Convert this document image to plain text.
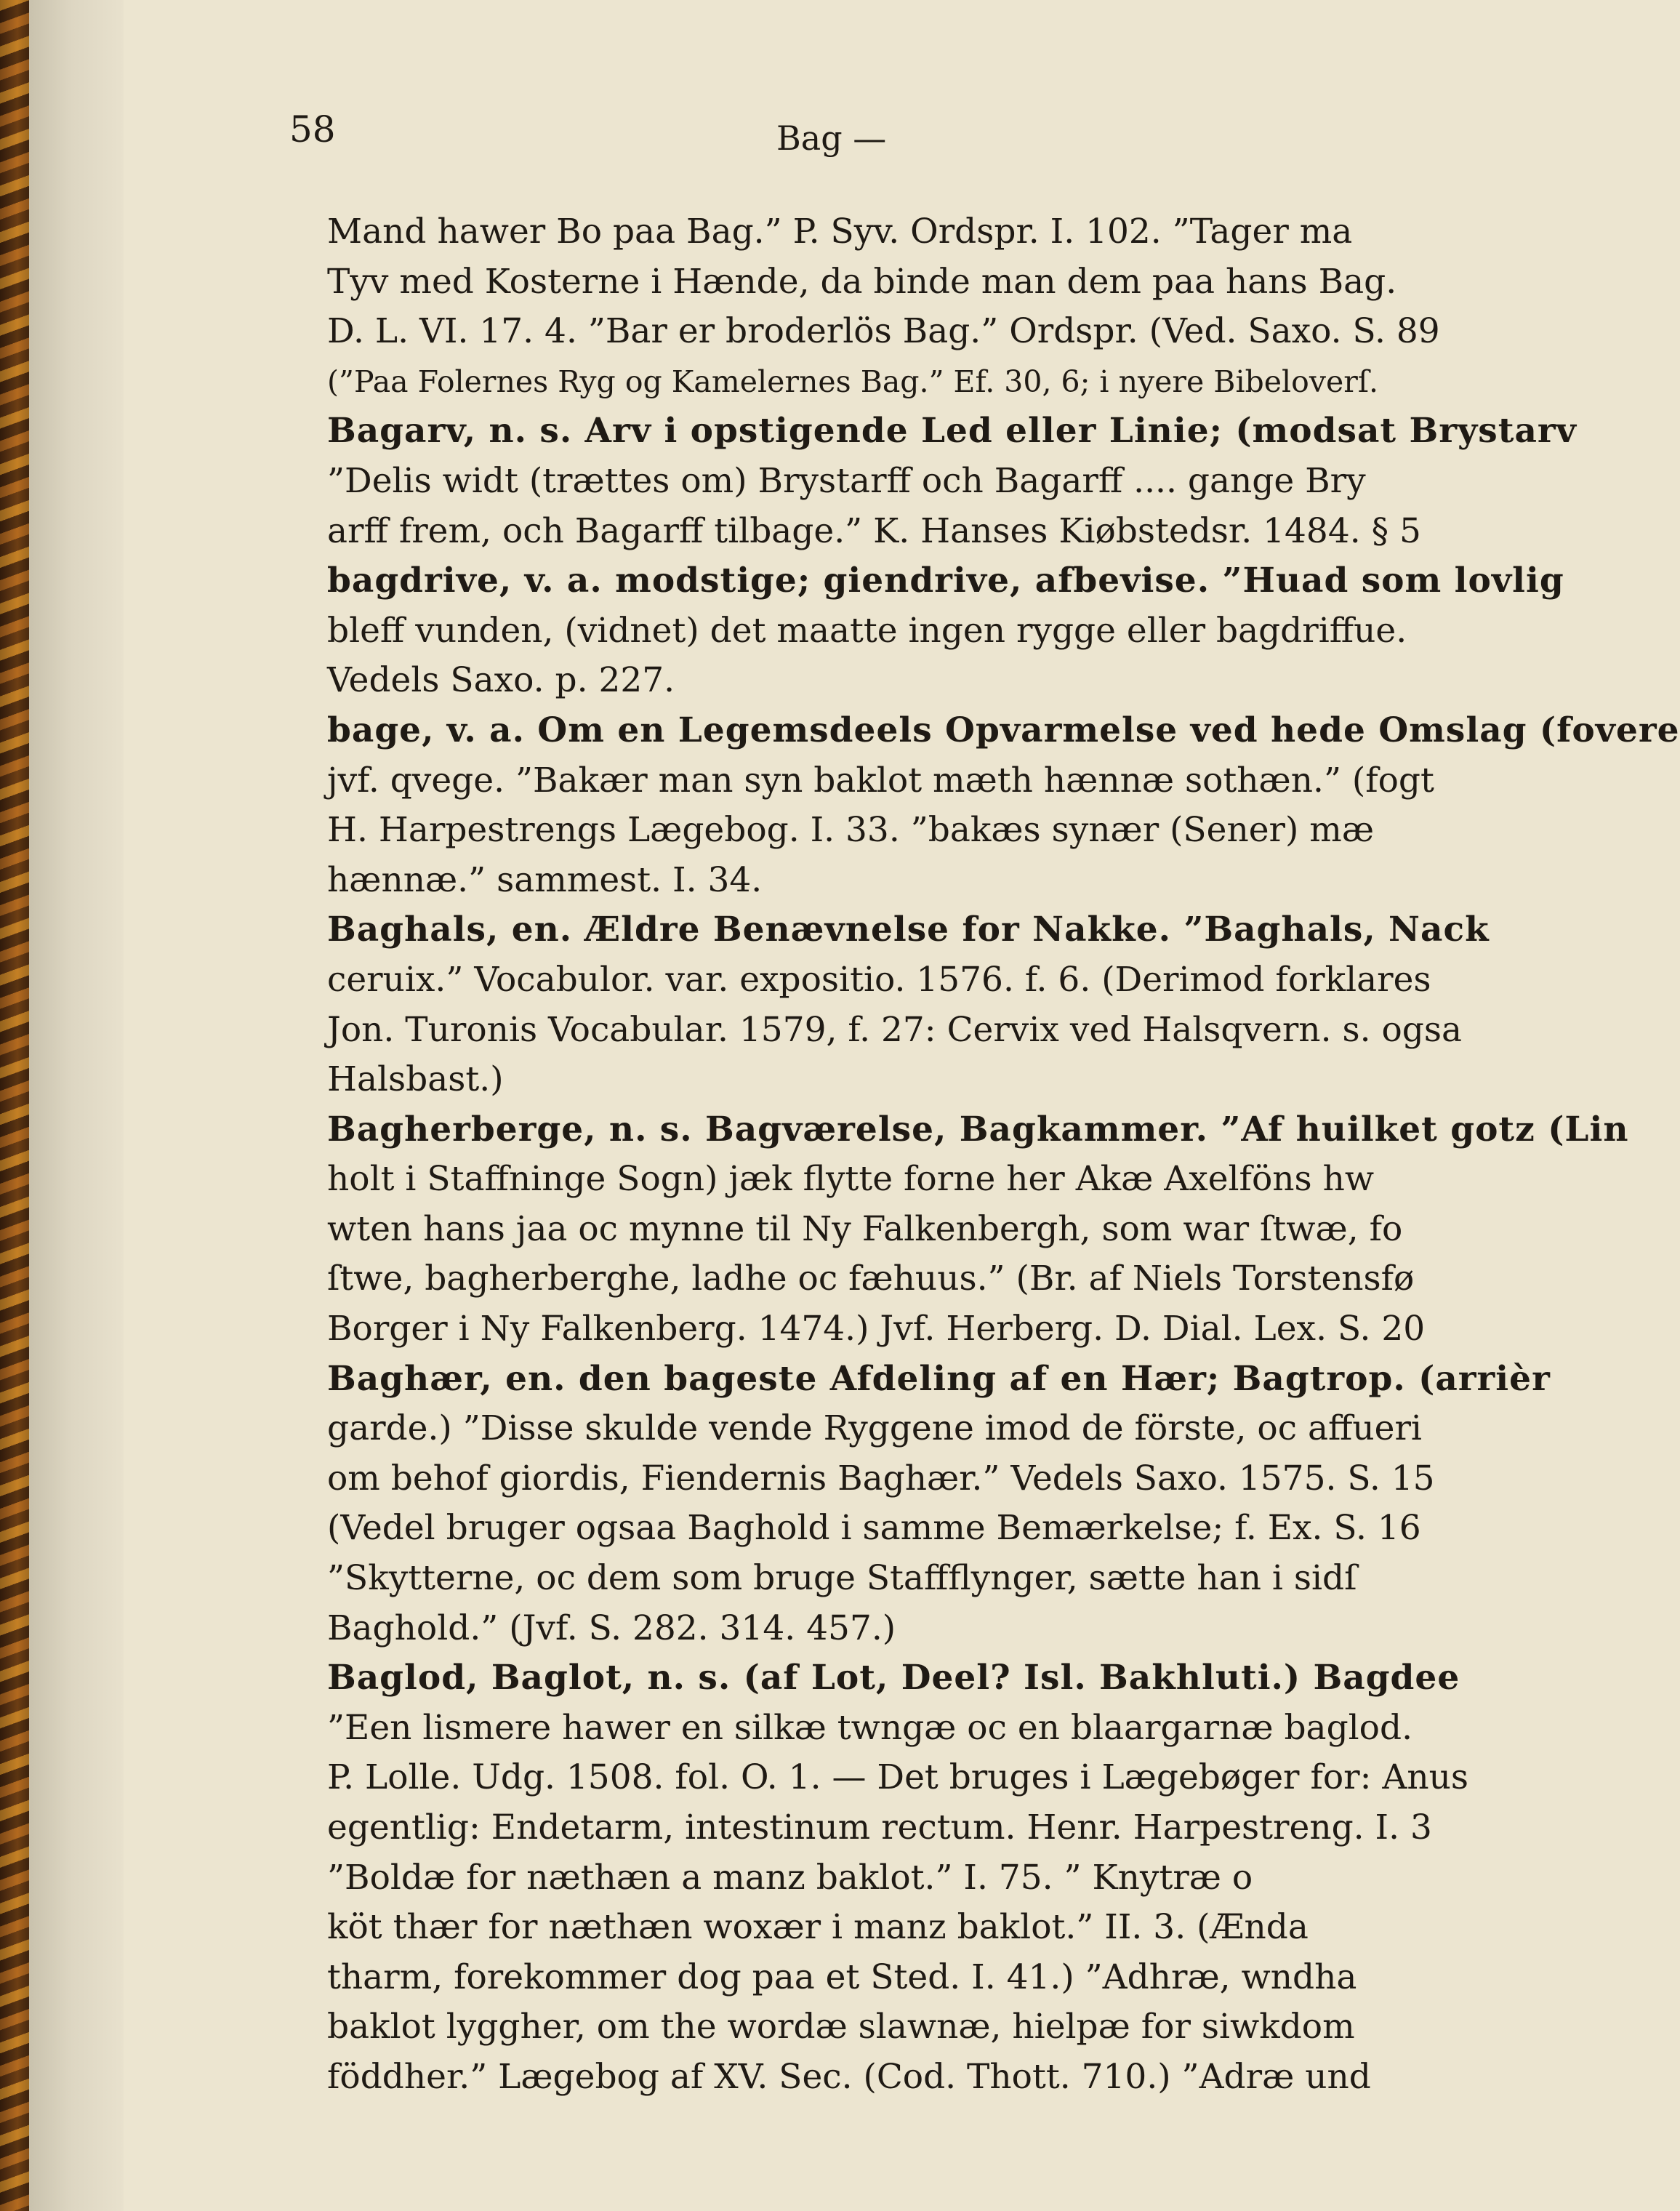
58	Bag —
Mand hawer Bo paa Bag.” P. Syv. Ordspr. I. 102. ”Tager ma
Tyv med Kosterne i Hænde, da binde man dem paa hans Bag.
D. L. VI. 17. 4. ”Bar er broderlös Bag.” Ordspr. (Ved. Saxo. S. 89
(”Paa Folernes Ryg og Kamelernes Bag.” Ef. 30, 6; i nyere Bibeloverſ.
Bagarv, n. s. Arv i opstigende Led eller Linie; (modsat Brystarv
”Delis widt (trættes om) Brystarff och Bagarff .... gange Bry
arff frem, och Bagarff tilbage.” K. Hanses Kiøbstedsr. 1484. § 5
bagdrive, v. a. modstige; giendrive, afbevise. ”Huad som lovlig
bleff vunden, (vidnet) det maatte ingen rygge eller bagdriffue.
Vedels Saxo. p. 227.
bage, v. a. Om en Legemsdeels Opvarmelse ved hede Omslag (fovere
jvf. qvege. ”Bakær man syn baklot mæth hænnæ sothæn.” (fogt
H. Harpestrengs Lægebog. I. 33. ”bakæs synær (Sener) mæ
hænnæ.” sammest. I. 34.
Baghals, en. Ældre Benævnelse for Nakke. ”Baghals, Nack
ceruix.” Vocabulor. var. expositio. 1576. f. 6. (Derimod forklares
Jon. Turonis Vocabular. 1579, f. 27: Cervix ved Halsqvern. s. ogsa
Halsbast.)
Bagherberge, n. s. Bagværelse, Bagkammer. ”Af huilket gotz (Lin
holt i Staffninge Sogn) jæk flytte forne her Akæ Axelföns hw
wten hans jaa oc mynne til Ny Falkenbergh, som war ſtwæ, fo
ſtwe, bagherberghe, ladhe oc fæhuus.” (Br. af Niels Torstensfø
Borger i Ny Falkenberg. 1474.) Jvf. Herberg. D. Dial. Lex. S. 20
Baghær, en. den bageste Afdeling af en Hær; Bagtrop. (arrièr
garde.) ”Disse skulde vende Ryggene imod de förste, oc affueri
om behof giordis, Fiendernis Baghær.” Vedels Saxo. 1575. S. 15
(Vedel bruger ogsaa Baghold i samme Bemærkelse; f. Ex. S. 16
”Skytterne, oc dem som bruge Staffflynger, sætte han i sidſ
Baghold.” (Jvf. S. 282. 314. 457.)
Baglod, Baglot, n. s. (af Lot, Deel? Isl. Bakhluti.) Bagdee
”Een lismere hawer en silkæ twngæ oc en blaargarnæ baglod.
P. Lolle. Udg. 1508. fol. O. 1. — Det bruges i Lægebøger for: Anus
egentlig: Endetarm, intestinum rectum. Henr. Harpestreng. I. 3
”Boldæ for næthæn a manz baklot.” I. 75. ” Knytræ o
köt thær for næthæn woxær i manz baklot.” II. 3. (Ænda
tharm, forekommer dog paa et Sted. I. 41.) ”Adhræ, wndha
baklot lyggher, om the wordæ slawnæ, hielpæ for siwkdom
föddher.” Lægebog af XV. Sec. (Cod. Thott. 710.) ”Adræ und
